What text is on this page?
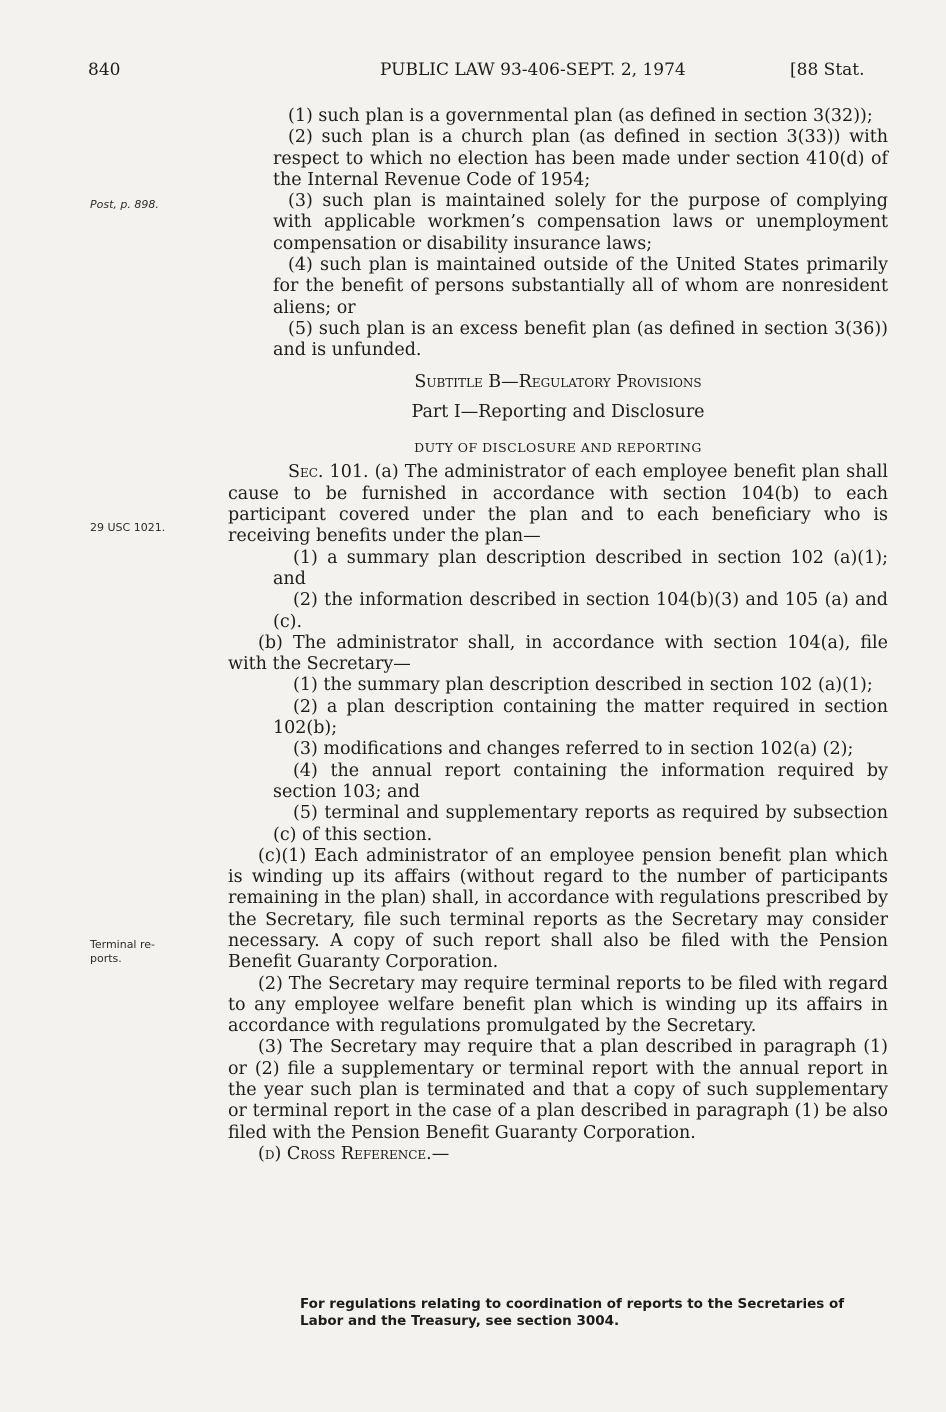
840	PUBLIC LAW 93-406-SEPT. 2, 1974	[88 Stat.
Post, p. 898.
29 USC 1021.
Terminal re-
ports.

(1) such plan is a governmental plan (as defined in section 3(32));

(2) such plan is a church plan (as defined in section 3(33)) with respect to which no election has been made under section 410(d) of the Internal Revenue Code of 1954;

(3) such plan is maintained solely for the purpose of complying with applicable workmen’s compensation laws or unemployment compensation or disability insurance laws;

(4) such plan is maintained outside of the United States primarily for the benefit of persons substantially all of whom are nonresident aliens; or

(5) such plan is an excess benefit plan (as defined in section 3(36)) and is unfunded.

Subtitle B—Regulatory Provisions

Part I—Reporting and Disclosure

DUTY OF DISCLOSURE AND REPORTING

Sec. 101. (a) The administrator of each employee benefit plan shall cause to be furnished in accordance with section 104(b) to each participant covered under the plan and to each beneficiary who is receiving benefits under the plan—

(1) a summary plan description described in section 102 (a)(1); and

(2) the information described in section 104(b)(3) and 105 (a) and (c).

(b) The administrator shall, in accordance with section 104(a), file with the Secretary—

(1) the summary plan description described in section 102 (a)(1);

(2) a plan description containing the matter required in section 102(b);

(3) modifications and changes referred to in section 102(a) (2);

(4) the annual report containing the information required by section 103; and

(5) terminal and supplementary reports as required by subsection (c) of this section.

(c)(1) Each administrator of an employee pension benefit plan which is winding up its affairs (without regard to the number of participants remaining in the plan) shall, in accordance with regulations prescribed by the Secretary, file such terminal reports as the Secretary may consider necessary. A copy of such report shall also be filed with the Pension Benefit Guaranty Corporation.

(2) The Secretary may require terminal reports to be filed with regard to any employee welfare benefit plan which is winding up its affairs in accordance with regulations promulgated by the Secretary.

(3) The Secretary may require that a plan described in paragraph (1) or (2) file a supplementary or terminal report with the annual report in the year such plan is terminated and that a copy of such supplementary or terminal report in the case of a plan described in paragraph (1) be also filed with the Pension Benefit Guaranty Corporation.

(d) Cross Reference.—

For regulations relating to coordination of reports to the Secretaries of Labor and the Treasury, see section 3004.
